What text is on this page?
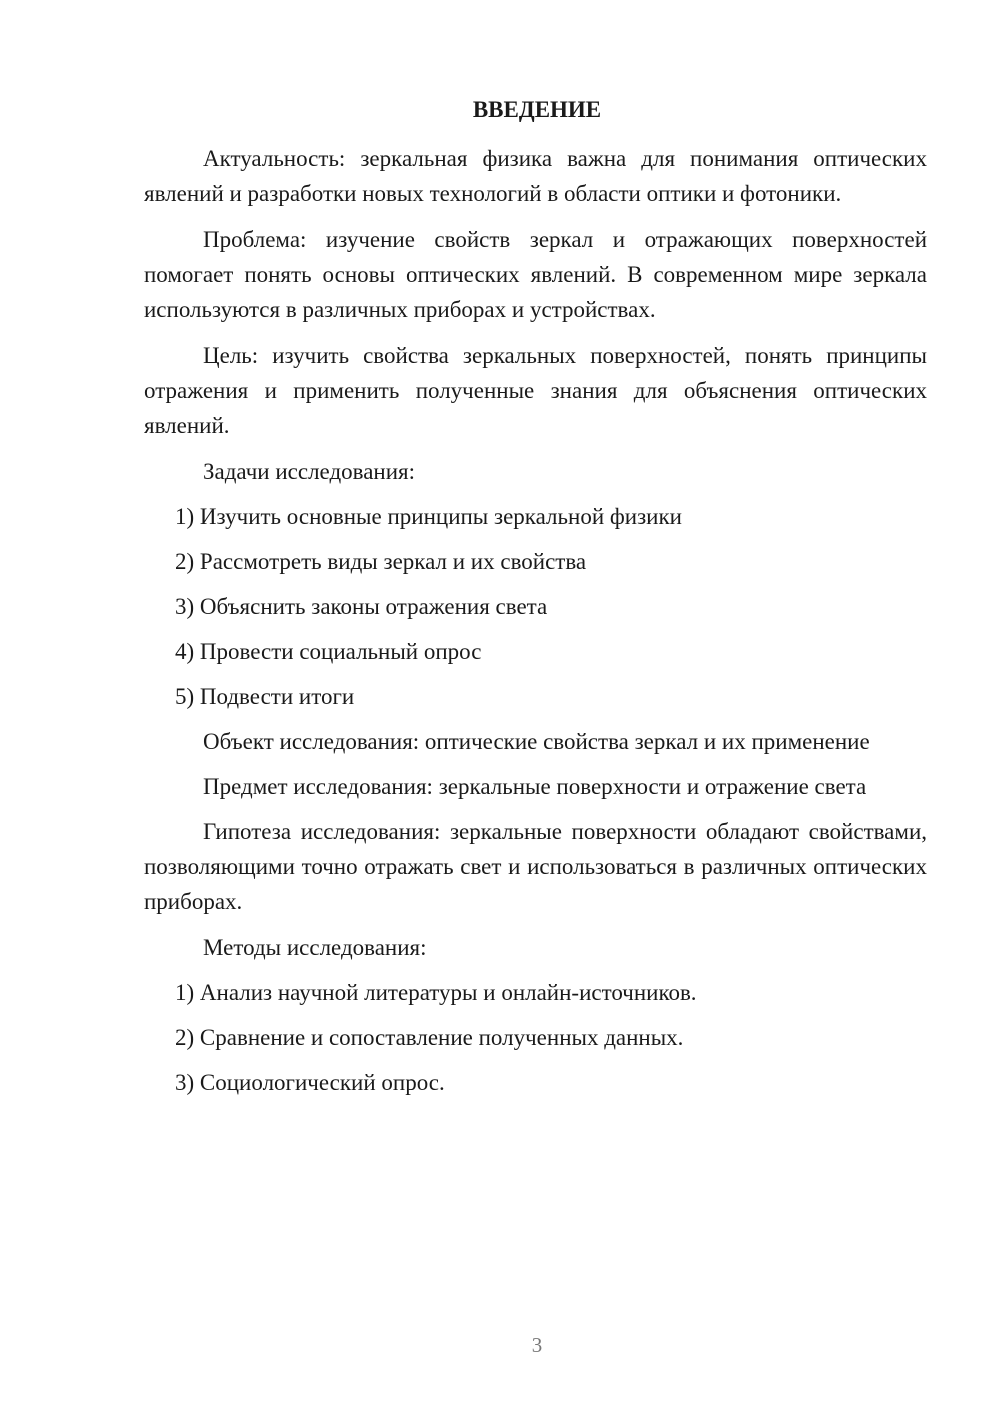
ВВЕДЕНИЕ

Актуальность: зеркальная физика важна для понимания оптических явлений и разработки новых технологий в области оптики и фотоники.

Проблема: изучение свойств зеркал и отражающих поверхностей помогает понять основы оптических явлений. В современном мире зеркала используются в различных приборах и устройствах.

Цель: изучить свойства зеркальных поверхностей, понять принципы отражения и применить полученные знания для объяснения оптических явлений.

Задачи исследования:

1) Изучить основные принципы зеркальной физики
2) Рассмотреть виды зеркал и их свойства
3) Объяснить законы отражения света
4) Провести социальный опрос
5) Подвести итоги

Объект исследования: оптические свойства зеркал и их применение

Предмет исследования: зеркальные поверхности и отражение света

Гипотеза исследования: зеркальные поверхности обладают свойствами, позволяющими точно отражать свет и использоваться в различных оптических приборах.

Методы исследования:

1) Анализ научной литературы и онлайн-источников.
2) Сравнение и сопоставление полученных данных.
3) Социологический опрос.
3
